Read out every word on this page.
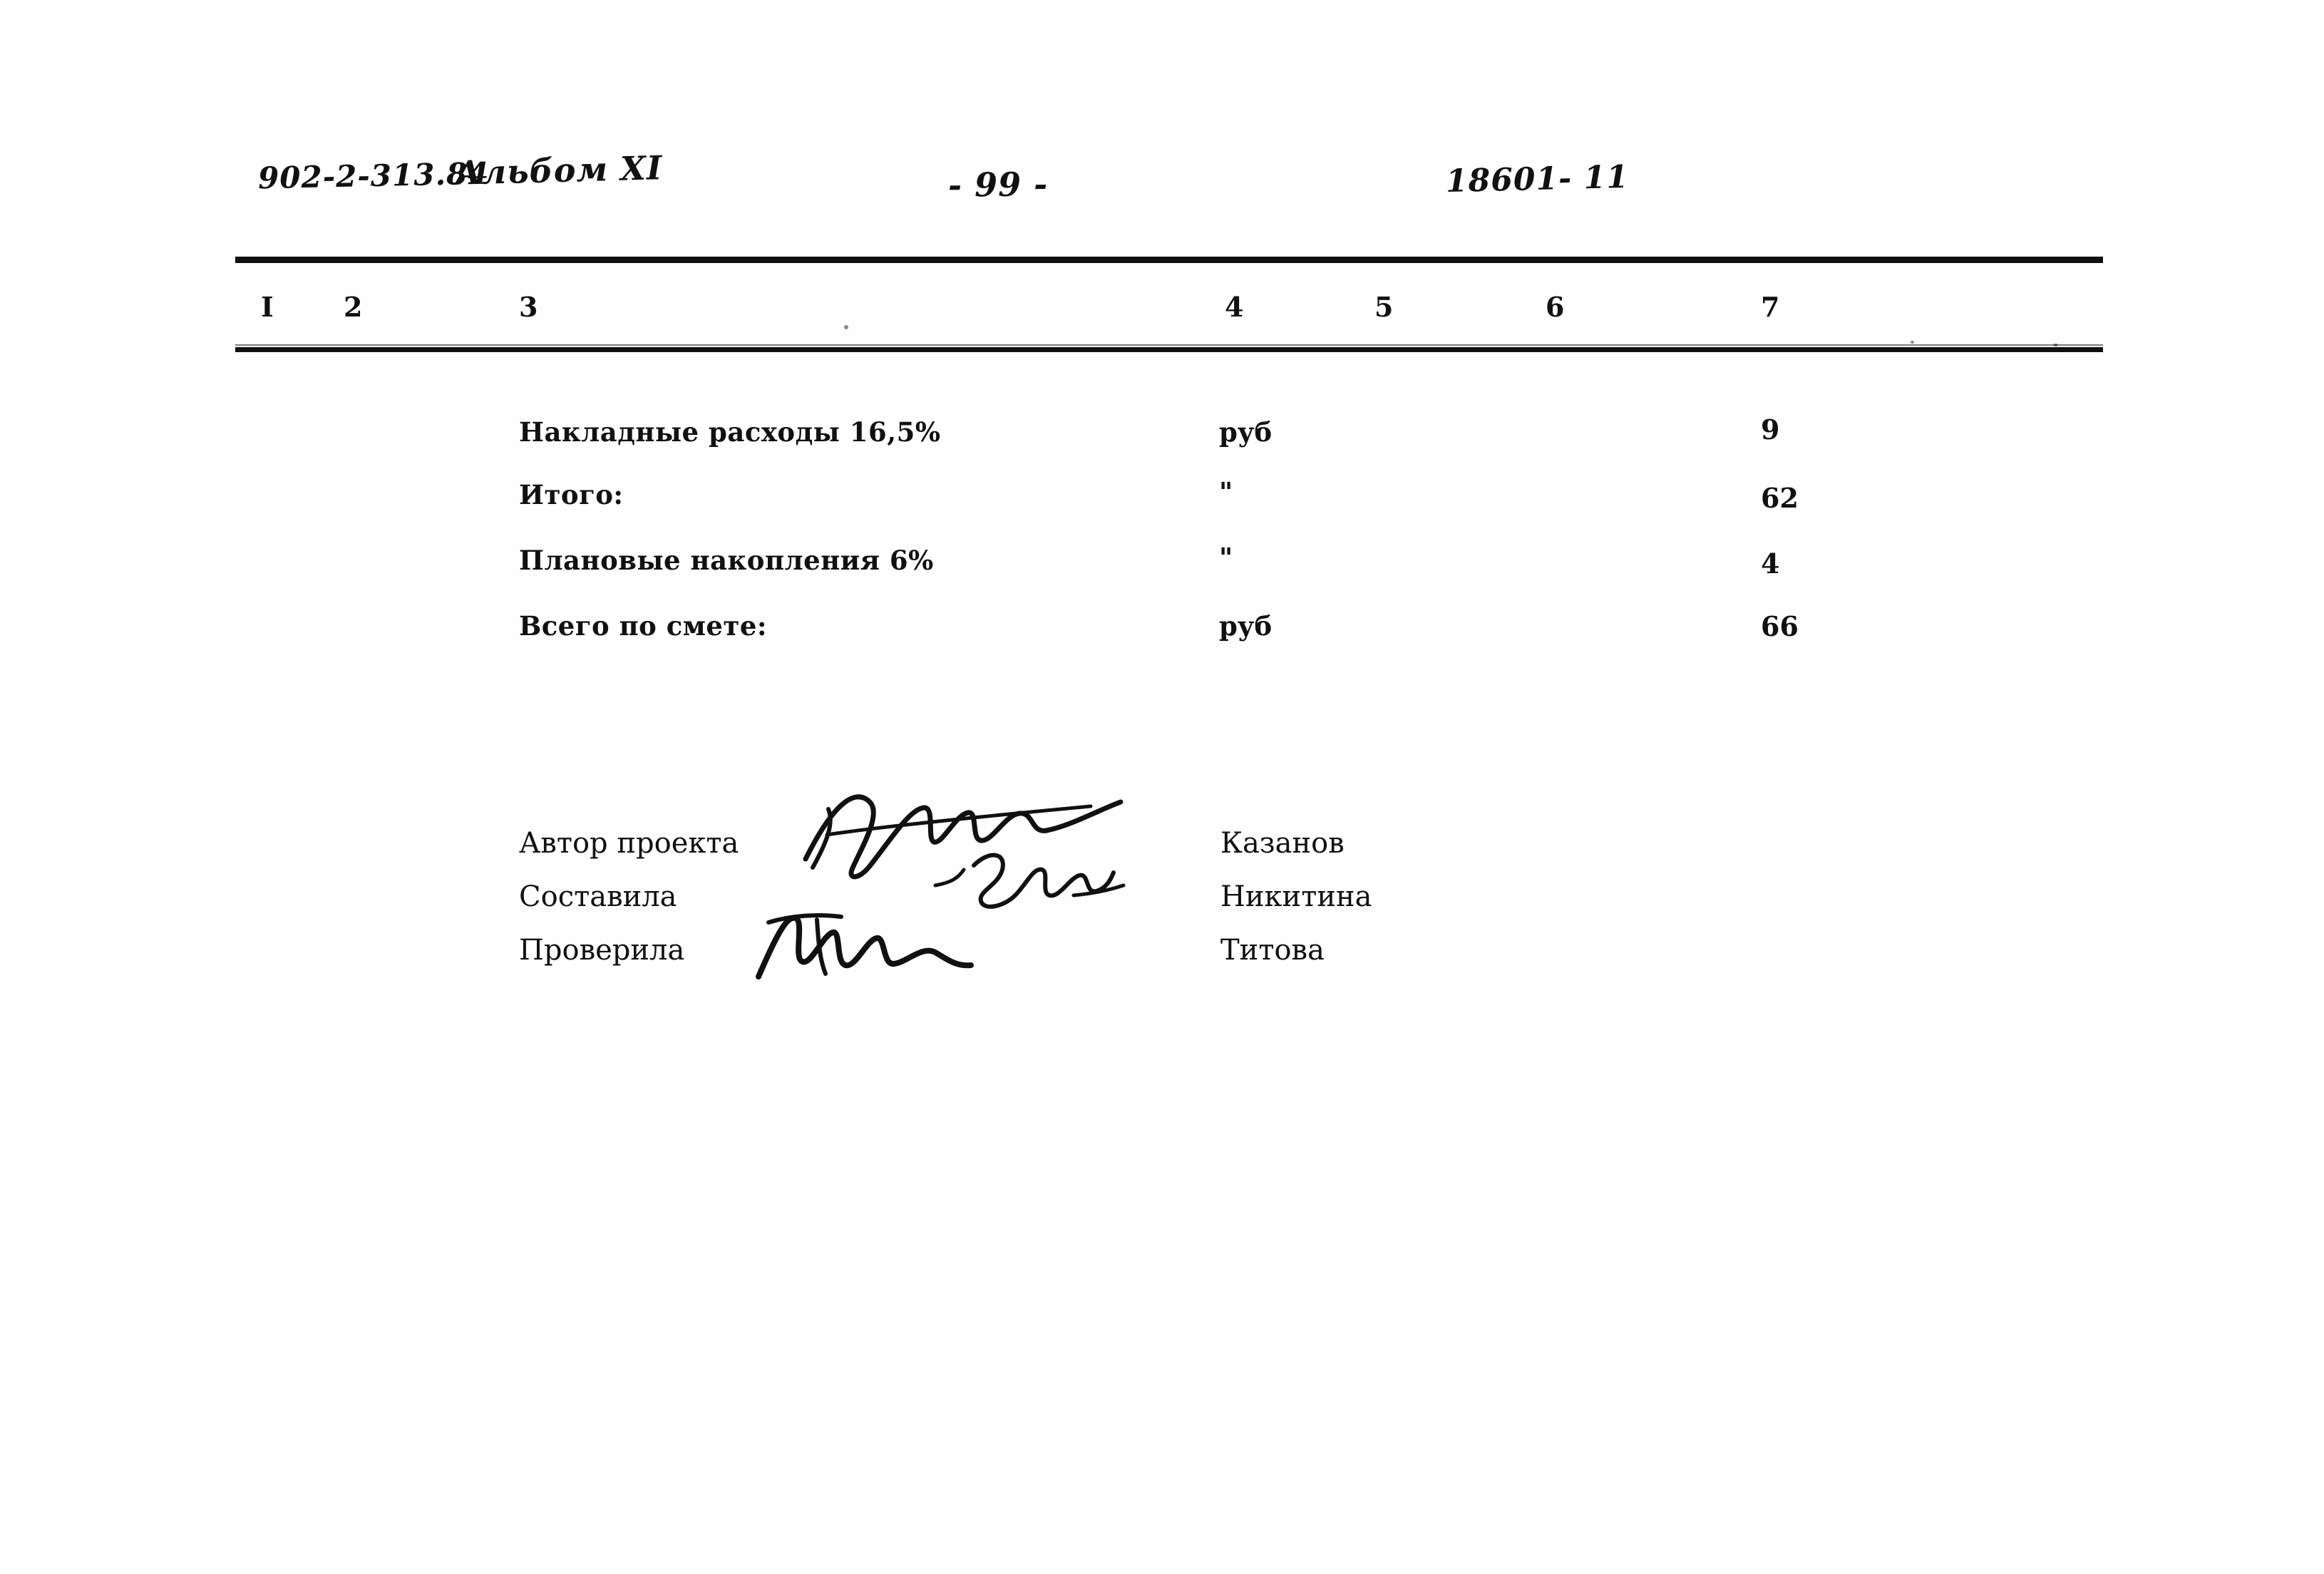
902-2-313.84
Альбом XI	- 99 -	18601- 11
I	2	3	4	5	6	7
Накладные расходы 16,5%	руб	9
Итого:	"	62
Плановые накопления 6%	"	4
Всего по смете:	руб	66
Автор проекта	Казанов
Составила	Никитина
Проверила	Титова
